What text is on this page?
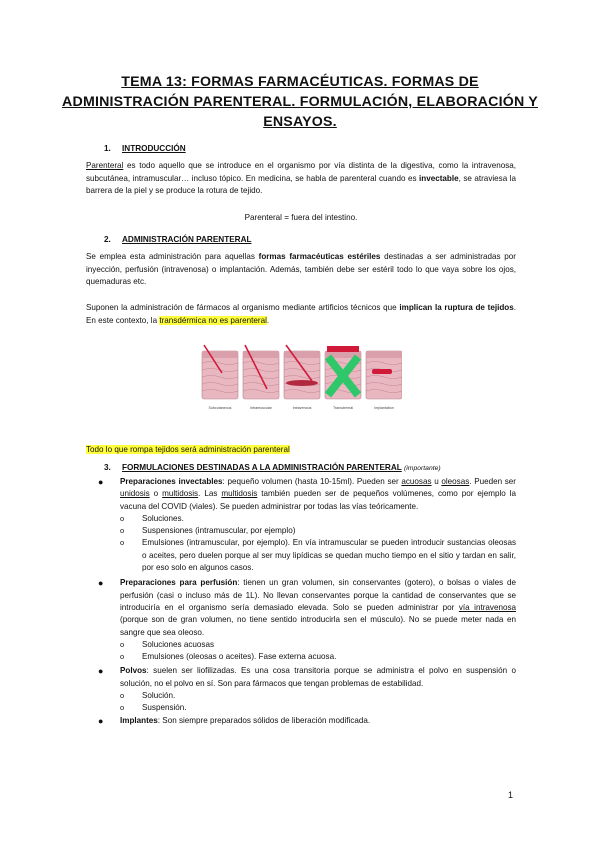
TEMA 13: FORMAS FARMACÉUTICAS. FORMAS DE ADMINISTRACIÓN PARENTERAL. FORMULACIÓN, ELABORACIÓN Y ENSAYOS.
1. INTRODUCCIÓN
Parenteral es todo aquello que se introduce en el organismo por vía distinta de la digestiva, como la intravenosa, subcutánea, intramuscular… incluso tópico. En medicina, se habla de parenteral cuando es invectable, se atraviesa la barrera de la piel y se produce la rotura de tejido.
Parenteral = fuera del intestino.
2. ADMINISTRACIÓN PARENTERAL
Se emplea esta administración para aquellas formas farmacéuticas estériles destinadas a ser administradas por inyección, perfusión (intravenosa) o implantación. Además, también debe ser estéril todo lo que vaya sobre los ojos, quemaduras etc.
Suponen la administración de fármacos al organismo mediante artificios técnicos que implican la ruptura de tejidos. En este contexto, la transdérmica no es parenteral.
Subcutaneous	Intramuscular	Intravenous	Transdermal	Implantation
Todo lo que rompa tejidos será administración parenteral
3. FORMULACIONES DESTINADAS A LA ADMINISTRACIÓN PARENTERAL (importante)
● Preparaciones invectables: pequeño volumen (hasta 10-15ml). Pueden ser acuosas u oleosas. Pueden ser unidosis o multidosis. Las multidosis también pueden ser de pequeños volúmenes, como por ejemplo la vacuna del COVID (viales). Se pueden administrar por todas las vías teóricamente.
o Soluciones.
o Suspensiones (intramuscular, por ejemplo)
o Emulsiones (intramuscular, por ejemplo). En vía intramuscular se pueden introducir sustancias oleosas o aceites, pero duelen porque al ser muy lipídicas se quedan mucho tiempo en el sitio y tardan en salir, por eso solo en algunos casos.
● Preparaciones para perfusión: tienen un gran volumen, sin conservantes (gotero), o bolsas o viales de perfusión (casi o incluso más de 1L). No llevan conservantes porque la cantidad de conservantes que se introduciría en el organismo sería demasiado elevada. Solo se pueden administrar por vía intravenosa (porque son de gran volumen, no tiene sentido introducirla sen el músculo). No se puede meter nada en sangre que sea oleoso.
o Soluciones acuosas
o Emulsiones (oleosas o aceites). Fase externa acuosa.
● Polvos: suelen ser liofilizadas. Es una cosa transitoria porque se administra el polvo en suspensión o solución, no el polvo en sí. Son para fármacos que tengan problemas de estabilidad.
o Solución.
o Suspensión.
● Implantes: Son siempre preparados sólidos de liberación modificada.
1
